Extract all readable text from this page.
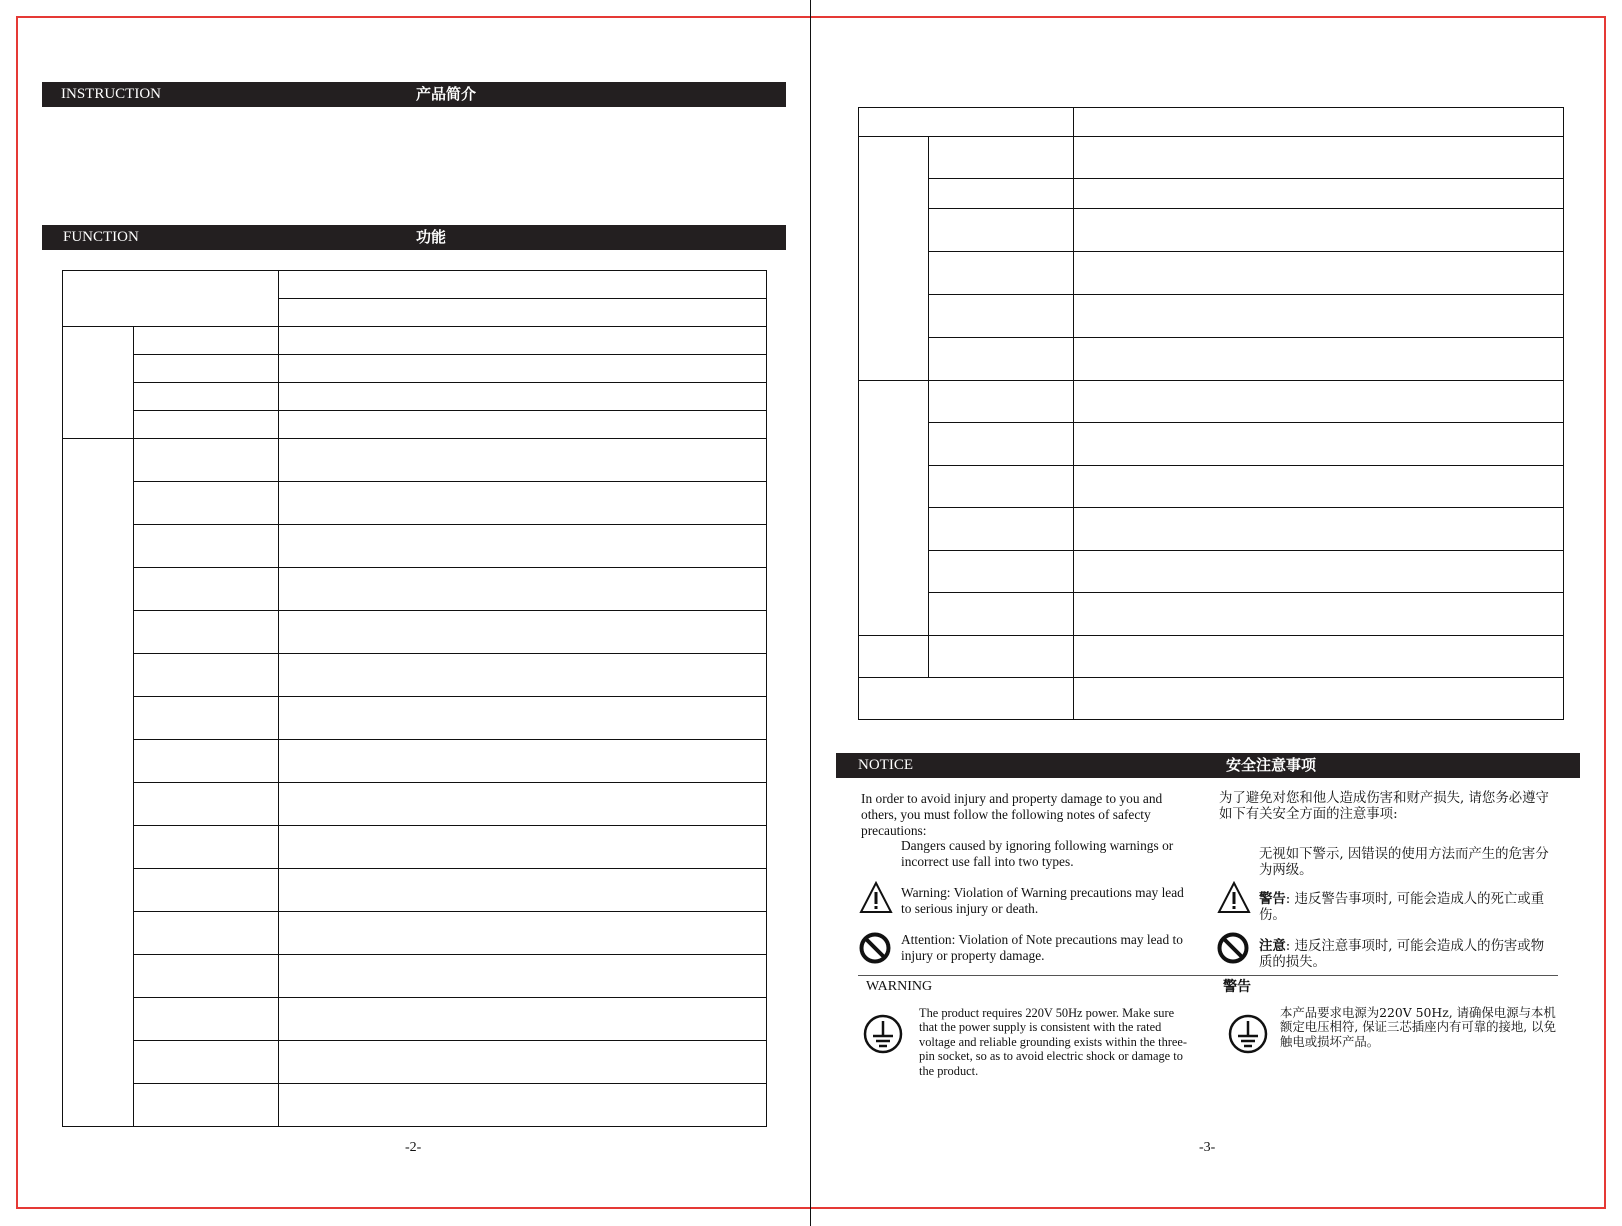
INSTRUCTION	产品简介
FUNCTION	功能

-2-

NOTICE	安全注意事项
In order to avoid injury and property damage to you and others, you must follow the following notes of safecty precautions:
Dangers caused by ignoring following warnings or incorrect use fall into two types.
Warning: Violation of Warning precautions may lead to serious injury or death.
Attention: Violation of Note precautions may lead to injury or property damage.
WARNING
The product requires 220V 50Hz power. Make sure that the power supply is consistent with the rated voltage and reliable grounding exists within the three-pin socket, so as to avoid electric shock or damage to the product.
为了避免对您和他人造成伤害和财产损失, 请您务必遵守如下有关安全方面的注意事项:
无视如下警示, 因错误的使用方法而产生的危害分为两级。
警告: 违反警告事项时, 可能会造成人的死亡或重伤。
注意: 违反注意事项时, 可能会造成人的伤害或物质的损失。
警告
本产品要求电源为220V 50Hz, 请确保电源与本机额定电压相符, 保证三芯插座内有可靠的接地, 以免触电或损坏产品。
-3-
